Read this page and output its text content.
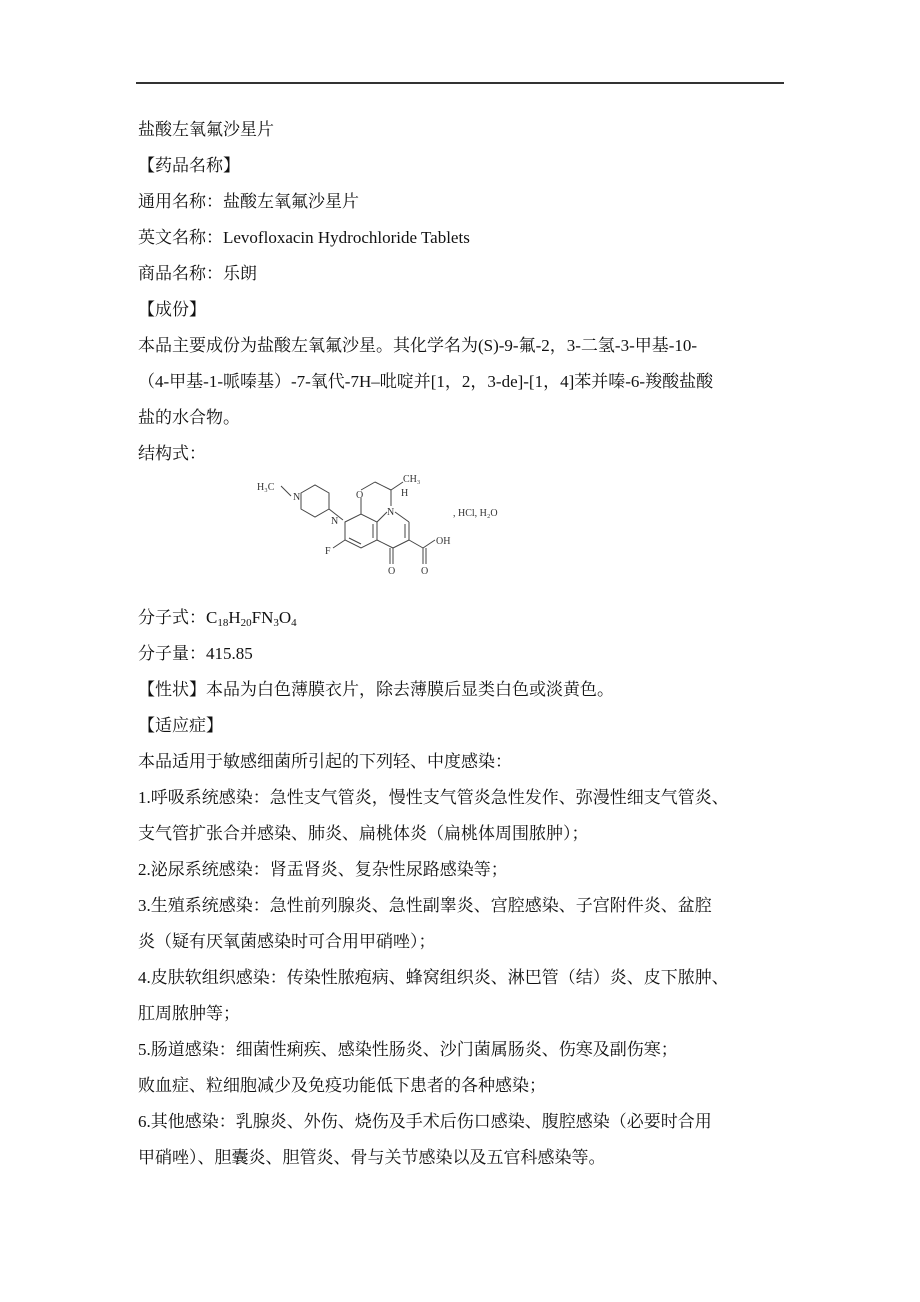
盐酸左氧氟沙星片
【药品名称】
通用名称：盐酸左氧氟沙星片
英文名称：Levofloxacin Hydrochloride Tablets
商品名称：乐朗
【成份】
本品主要成份为盐酸左氧氟沙星。其化学名为(S)-9-氟-2，3-二氢-3-甲基-10-
（4-甲基-1-哌嗪基）-7-氧代-7H–吡啶并[1，2，3-de]-[1，4]苯并嗪-6-羧酸盐酸
盐的水合物。
结构式：
H₃C
N
N
O
CH₃
H
N
F
OH
O	O
, HCl, H₂O
分子式：$C_{18}H_{20}FN_3O_4$
分子量：415.85
【性状】本品为白色薄膜衣片，除去薄膜后显类白色或淡黄色。
【适应症】
本品适用于敏感细菌所引起的下列轻、中度感染：
1.呼吸系统感染：急性支气管炎，慢性支气管炎急性发作、弥漫性细支气管炎、
支气管扩张合并感染、肺炎、扁桃体炎（扁桃体周围脓肿）；
2.泌尿系统感染：肾盂肾炎、复杂性尿路感染等；
3.生殖系统感染：急性前列腺炎、急性副睾炎、宫腔感染、子宫附件炎、盆腔
炎（疑有厌氧菌感染时可合用甲硝唑）；
4.皮肤软组织感染：传染性脓疱病、蜂窝组织炎、淋巴管（结）炎、皮下脓肿、
肛周脓肿等；
5.肠道感染：细菌性痢疾、感染性肠炎、沙门菌属肠炎、伤寒及副伤寒；
败血症、粒细胞减少及免疫功能低下患者的各种感染；
6.其他感染：乳腺炎、外伤、烧伤及手术后伤口感染、腹腔感染（必要时合用
甲硝唑）、胆囊炎、胆管炎、骨与关节感染以及五官科感染等。
